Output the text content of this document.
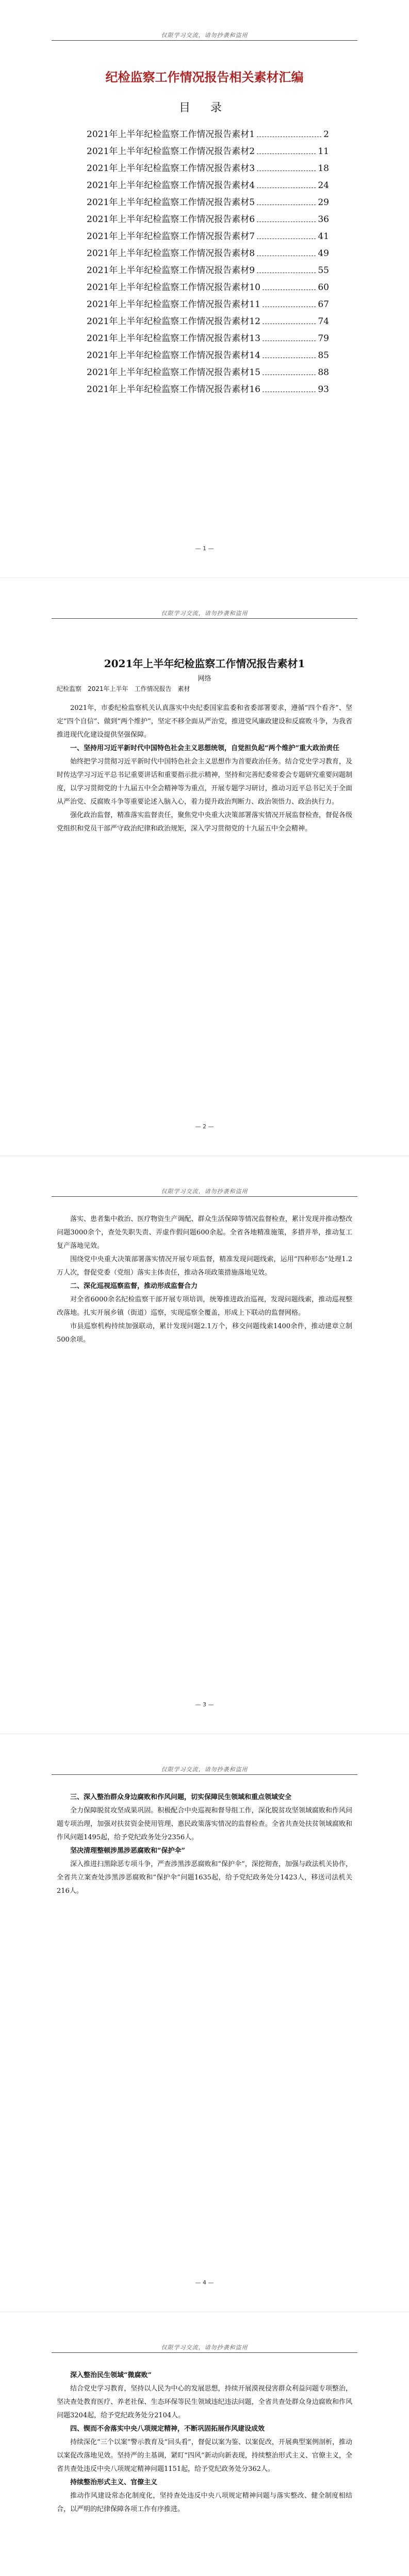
仅限学习交流，请勿抄袭和盗用
纪检监察工作情况报告相关素材汇编
目 录
2021年上半年纪检监察工作情况报告素材1	2
2021年上半年纪检监察工作情况报告素材2	11
2021年上半年纪检监察工作情况报告素材3	18
2021年上半年纪检监察工作情况报告素材4	24
2021年上半年纪检监察工作情况报告素材5	29
2021年上半年纪检监察工作情况报告素材6	36
2021年上半年纪检监察工作情况报告素材7	41
2021年上半年纪检监察工作情况报告素材8	49
2021年上半年纪检监察工作情况报告素材9	55
2021年上半年纪检监察工作情况报告素材10	60
2021年上半年纪检监察工作情况报告素材11	67
2021年上半年纪检监察工作情况报告素材12	74
2021年上半年纪检监察工作情况报告素材13	79
2021年上半年纪检监察工作情况报告素材14	85
2021年上半年纪检监察工作情况报告素材15	88
2021年上半年纪检监察工作情况报告素材16	93
— 1 —
仅限学习交流，请勿抄袭和盗用
2021年上半年纪检监察工作情况报告素材1
网络
纪检监察　2021年上半年　工作情况报告　素材

2021年，市委纪检监察机关认真落实中央纪委国家监委和省委部署要求，遵循“四个看齐”、坚定“四个自信”、做到“两个维护”，坚定不移全面从严治党，推进党风廉政建设和反腐败斗争，为我省推进现代化建设提供坚强保障。

一、坚持用习近平新时代中国特色社会主义思想统领，自觉担负起“两个维护”重大政治责任

始终把学习贯彻习近平新时代中国特色社会主义思想作为首要政治任务。结合党史学习教育，及时传达学习习近平总书记重要讲话和重要指示批示精神，坚持和完善纪委常委会专题研究重要问题制度，以学习贯彻党的十九届五中全会精神等为重点，开展专题学习研讨，推动习近平总书记关于全面从严治党、反腐败斗争等重要论述入脑入心，着力提升政治判断力、政治领悟力、政治执行力。

强化政治监督，精准落实监督责任，聚焦党中央重大决策部署落实情况开展监督检查，督促各级党组织和党员干部严守政治纪律和政治规矩，深入学习贯彻党的十九届五中全会精神。

— 2 —
仅限学习交流，请勿抄袭和盗用

落实、患者集中救治、医疗物资生产调配、群众生活保障等情况监督检查，累计发现并推动整改问题3000余个，查处失职失责、弄虚作假问题600余起。全省各地精准施策，多措并举，推动复工复产落地见效。

围绕党中央重大决策部署落实情况开展专项监督，精准发现问题线索，运用“四种形态”处理1.2万人次，督促党委（党组）落实主体责任，推动各项政策措施落地见效。

二、深化巡视巡察监督，推动形成监督合力

对全省6000余名纪检监察干部开展专项培训，统筹推进政治巡视，发现问题线索，推动巡视整改落地。扎实开展乡镇（街道）巡察，实现巡察全覆盖，形成上下联动的监督网格。

市县巡察机构持续加强联动，累计发现问题2.1万个，移交问题线索1400余件，推动建章立制500余项。

— 3 —
仅限学习交流，请勿抄袭和盗用

三、深入整治群众身边腐败和作风问题，切实保障民生领域和重点领域安全

全力保障脱贫攻坚成果巩固。积极配合中央巡视和督导组工作，深化脱贫攻坚领域腐败和作风问题专项治理，加强对扶贫资金使用管理、惠民政策落实情况的监督检查。全省共查处扶贫领域腐败和作风问题1495起，给予党纪政务处分2356人。

坚决清理整顿涉黑涉恶腐败和“保护伞”

深入推进扫黑除恶专项斗争，严查涉黑涉恶腐败和“保护伞”，深挖彻查，加强与政法机关协作，全省共立案查处涉黑涉恶腐败和“保护伞”问题1635起，给予党纪政务处分1423人，移送司法机关216人。

— 4 —
仅限学习交流，请勿抄袭和盗用

深入整治民生领域“微腐败”

结合党史学习教育，坚持以人民为中心的发展思想，持续开展漠视侵害群众利益问题专项整治，坚决查处教育医疗、养老社保、生态环保等民生领域违纪违法问题，全省共查处群众身边腐败和作风问题3204起，给予党纪政务处分2104人。

四、锲而不舍落实中央八项规定精神，不断巩固拓展作风建设成效

持续深化“三个以案”警示教育及“回头看”，督促以案为鉴、以案促改，开展典型案例剖析，推动以案促改落地见效。坚持严的主基调，紧盯“四风”新动向新表现，持续整治形式主义、官僚主义，全省共查处违反中央八项规定精神问题1151起，给予党纪政务处分362人。

持续整治形式主义、官僚主义

推动作风建设常态化制度化，坚持查处违反中央八项规定精神问题与落实整改、健全制度相结合，以严明的纪律保障各项工作有序推进。
